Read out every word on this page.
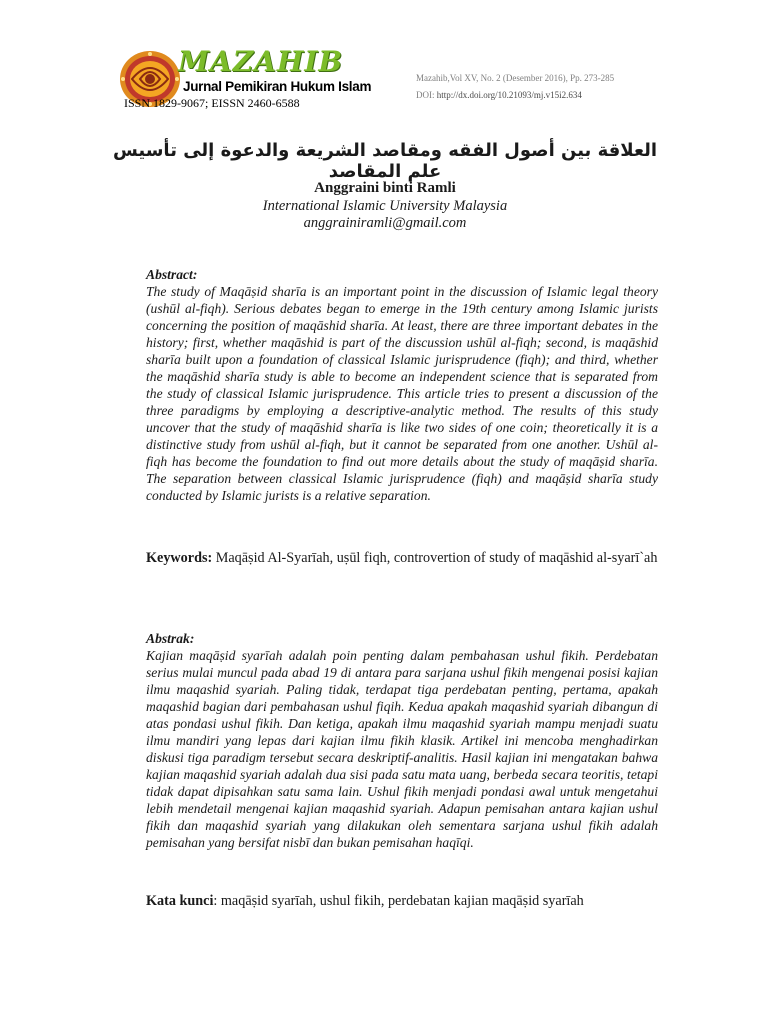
MAZAHIB
Jurnal Pemikiran Hukum Islam
ISSN 1829-9067; EISSN 2460-6588
Mazahib,Vol XV, No. 2 (Desember 2016), Pp. 273-285
DOI: http://dx.doi.org/10.21093/mj.v15i2.634
العلاقة بين أصول الفقه ومقاصد الشريعة والدعوة إلى تأسيس علم المقاصد
Anggraini binti Ramli
International Islamic University Malaysia
anggrainiramli@gmail.com
Abstract:
The study of Maqāṣid sharīa is an important point in the discussion of Islamic legal theory (ushūl al-fiqh). Serious debates began to emerge in the 19th century among Islamic jurists concerning the position of maqāshid sharīa. At least, there are three important debates in the history; first, whether maqāshid is part of the discussion ushūl al-fiqh; second, is maqāshid sharīa built upon a foundation of classical Islamic jurisprudence (fiqh); and third, whether the maqāshid sharīa study is able to become an independent science that is separated from the study of classical Islamic jurisprudence. This article tries to present a discussion of the three paradigms by employing a descriptive-analytic method. The results of this study uncover that the study of maqāshid sharīa is like two sides of one coin; theoretically it is a distinctive study from ushūl al-fiqh, but it cannot be separated from one another. Ushūl al-fiqh has become the foundation to find out more details about the study of maqāṣid sharīa. The separation between classical Islamic jurisprudence (fiqh) and maqāṣid sharīa study conducted by Islamic jurists is a relative separation.
Keywords: Maqāṣid Al-Syarīah, uṣūl fiqh, controvertion of study of maqāshid al-syarī`ah
Abstrak:
Kajian maqāṣid syarīah adalah poin penting dalam pembahasan ushul fikih. Perdebatan serius mulai muncul pada abad 19 di antara para sarjana ushul fikih mengenai posisi kajian ilmu maqashid syariah. Paling tidak, terdapat tiga perdebatan penting, pertama, apakah maqashid bagian dari pembahasan ushul fiqih. Kedua apakah maqashid syariah dibangun di atas pondasi ushul fikih. Dan ketiga, apakah ilmu maqashid syariah mampu menjadi suatu ilmu mandiri yang lepas dari kajian ilmu fikih klasik. Artikel ini mencoba menghadirkan diskusi tiga paradigm tersebut secara deskriptif-analitis. Hasil kajian ini mengatakan bahwa kajian maqashid syariah adalah dua sisi pada satu mata uang, berbeda secara teoritis, tetapi tidak dapat dipisahkan satu sama lain. Ushul fikih menjadi pondasi awal untuk mengetahui lebih mendetail mengenai kajian maqashid syariah. Adapun pemisahan antara kajian ushul fikih dan maqashid syariah yang dilakukan oleh sementara sarjana ushul fikih adalah pemisahan yang bersifat nisbī dan bukan pemisahan haqīqi.
Kata kunci: maqāṣid syarīah, ushul fikih, perdebatan kajian maqāṣid syarīah
